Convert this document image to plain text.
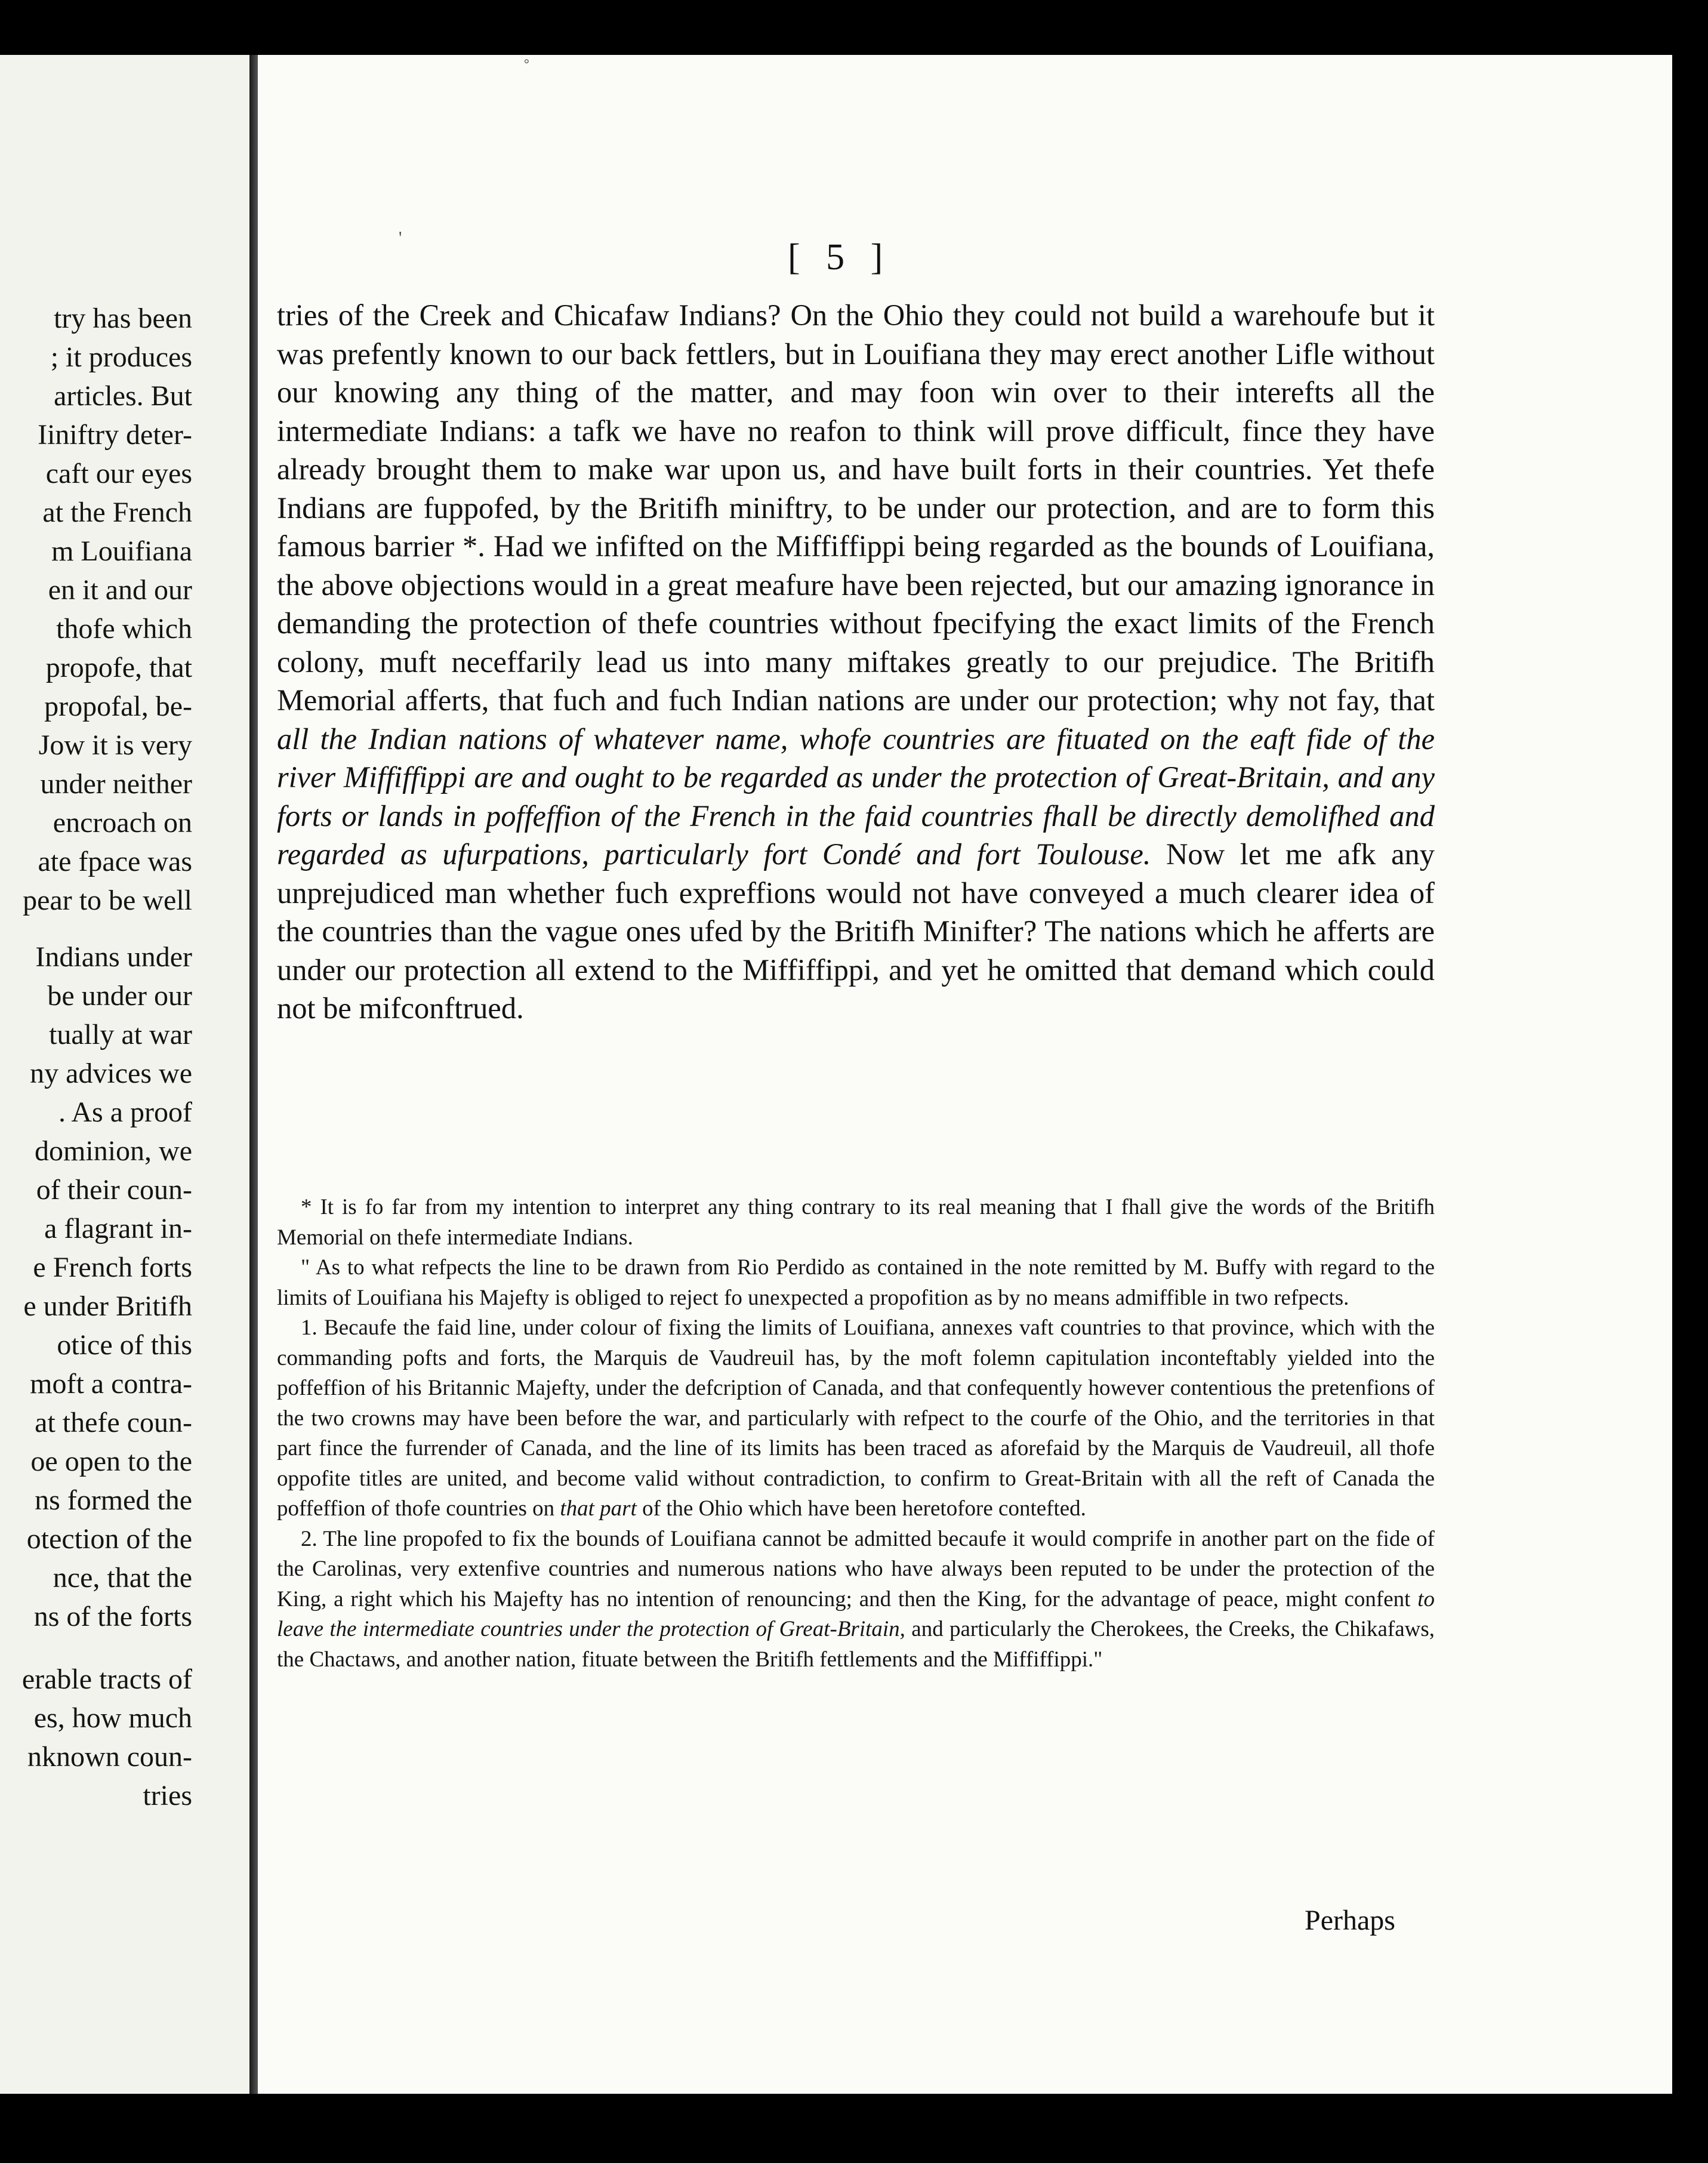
try has been
; it produces
articles. But
Iiniftry deter-
caft our eyes
at the French
m Louifiana
en it and our
thofe which
propofe, that
propofal, be-
Jow it is very
under neither
encroach on
ate fpace was
pear to be well
Indians under
be under our
tually at war
ny advices we
. As a proof
dominion, we
of their coun-
a flagrant in-
e French forts
e under Britifh
otice of this
moft a contra-
at thefe coun-
oe open to the
ns formed the
otection of the
nce, that the
ns of the forts
erable tracts of
es, how much
nknown coun-
tries
°
'	[ 5 ]

tries of the Creek and Chicafaw Indians? On the Ohio they could not build a warehoufe but it was prefently known to our back fettlers, but in Louifiana they may erect another Lifle without our knowing any thing of the matter, and may foon win over to their interefts all the intermediate Indians: a tafk we have no reafon to think will prove difficult, fince they have already brought them to make war upon us, and have built forts in their countries. Yet thefe Indians are fuppofed, by the Britifh miniftry, to be under our protection, and are to form this famous barrier *. Had we infifted on the Miffiffippi being regarded as the bounds of Louifiana, the above objections would in a great meafure have been rejected, but our amazing ignorance in demanding the protection of thefe countries without fpecifying the exact limits of the French colony, muft neceffarily lead us into many miftakes greatly to our prejudice. The Britifh Memorial afferts, that fuch and fuch Indian nations are under our protection; why not fay, that all the Indian nations of whatever name, whofe countries are fituated on the eaft fide of the river Miffiffippi are and ought to be regarded as under the protection of Great-Britain, and any forts or lands in poffeffion of the French in the faid countries fhall be directly demolifhed and regarded as ufurpations, particularly fort Condé and fort Toulouse. Now let me afk any unprejudiced man whether fuch expreffions would not have conveyed a much clearer idea of the countries than the vague ones ufed by the Britifh Minifter? The nations which he afferts are under our protection all extend to the Miffiffippi, and yet he omitted that demand which could not be mifconftrued.

* It is fo far from my intention to interpret any thing contrary to its real meaning that I fhall give the words of the Britifh Memorial on thefe intermediate Indians.

" As to what refpects the line to be drawn from Rio Perdido as contained in the note remitted by M. Buffy with regard to the limits of Louifiana his Majefty is obliged to reject fo unexpected a propofition as by no means admiffible in two refpects.

1. Becaufe the faid line, under colour of fixing the limits of Louifiana, annexes vaft countries to that province, which with the commanding pofts and forts, the Marquis de Vaudreuil has, by the moft folemn capitulation inconteftably yielded into the poffeffion of his Britannic Majefty, under the defcription of Canada, and that confequently however contentious the pretenfions of the two crowns may have been before the war, and particularly with refpect to the courfe of the Ohio, and the territories in that part fince the furrender of Canada, and the line of its limits has been traced as aforefaid by the Marquis de Vaudreuil, all thofe oppofite titles are united, and become valid without contradiction, to confirm to Great-Britain with all the reft of Canada the poffeffion of thofe countries on that part of the Ohio which have been heretofore contefted.

2. The line propofed to fix the bounds of Louifiana cannot be admitted becaufe it would comprife in another part on the fide of the Carolinas, very extenfive countries and numerous nations who have always been reputed to be under the protection of the King, a right which his Majefty has no intention of renouncing; and then the King, for the advantage of peace, might confent to leave the intermediate countries under the protection of Great-Britain, and particularly the Cherokees, the Creeks, the Chikafaws, the Chactaws, and another nation, fituate between the Britifh fettlements and the Miffiffippi."

Perhaps
